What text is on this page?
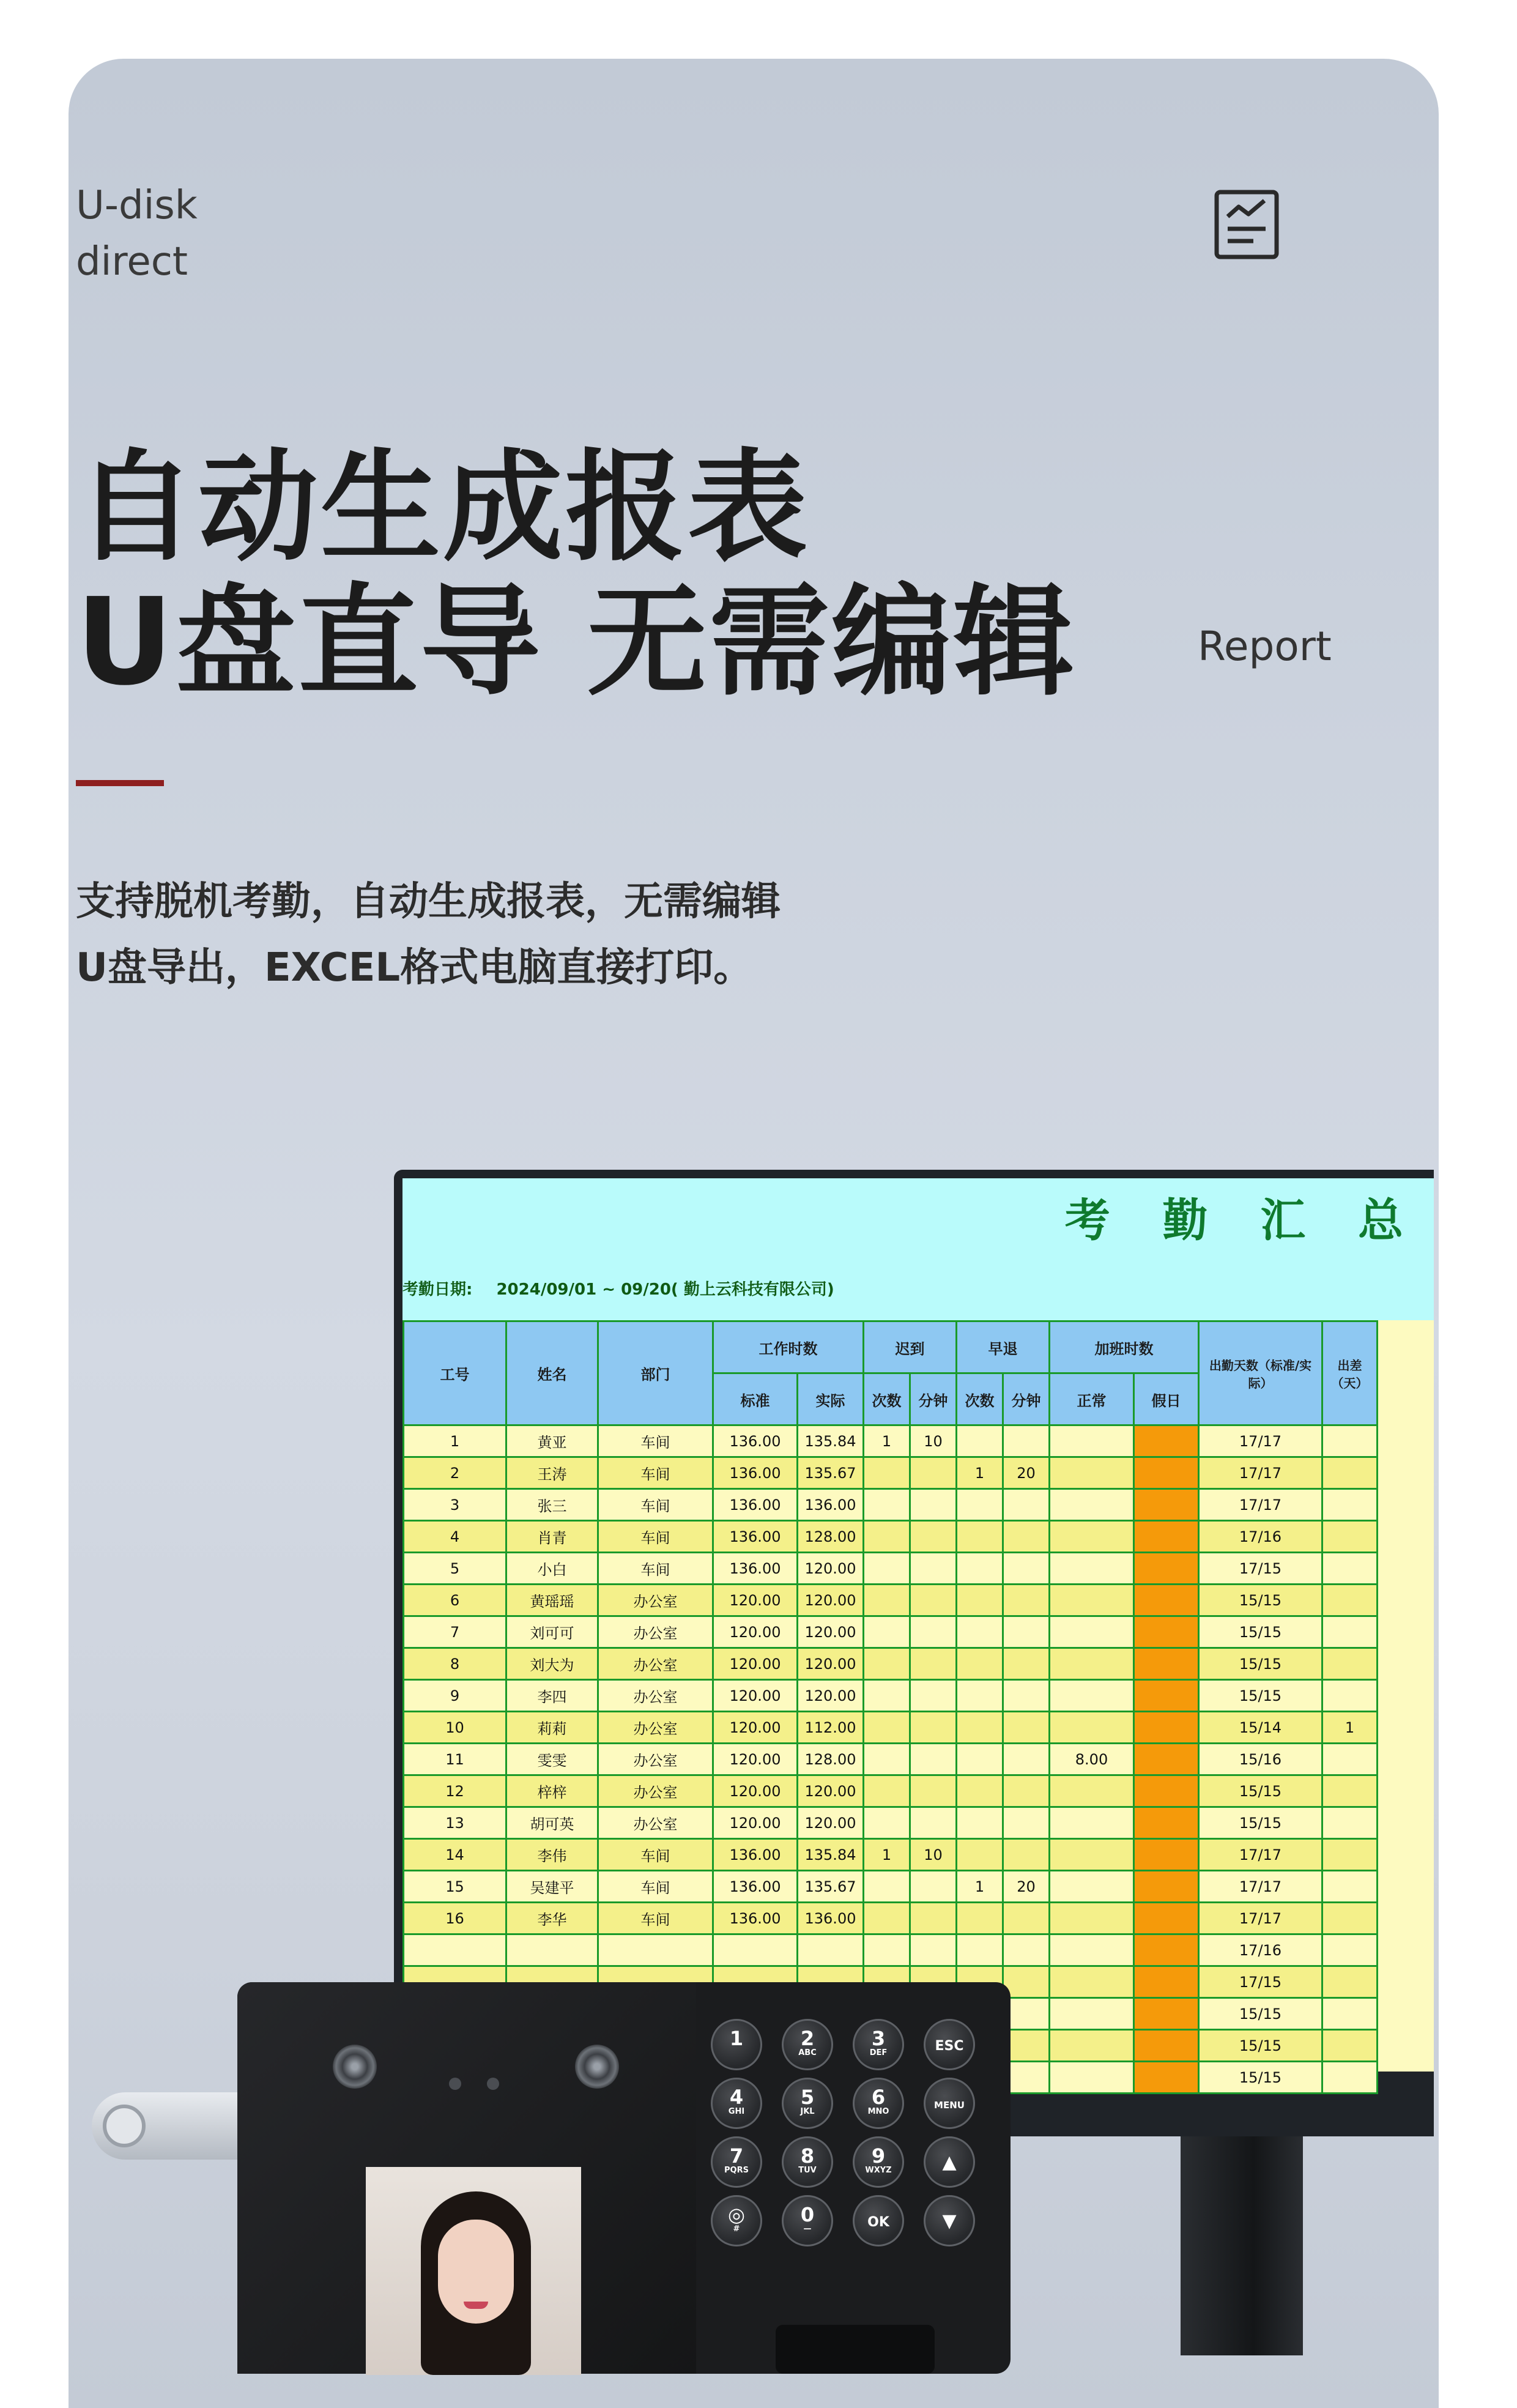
U-disk
direct
自动生成报表
U盘直导 无需编辑	Report
支持脱机考勤，自动生成报表，无需编辑
U盘导出，EXCEL格式电脑直接打印。
考 勤 汇 总
考勤日期: 2024/09/01 ~ 09/20( 勤上云科技有限公司)
工号	姓名	部门	工作时数		迟到		早退		加班时数		出勤天数（标准/实际）	出差（天）
			标准	实际	次数	分钟	次数	分钟	正常	假日		
1	黄亚	车间	136.00	135.84	1	10					17/17	
2	王涛	车间	136.00	135.67			1	20			17/17	
3	张三	车间	136.00	136.00							17/17	
4	肖青	车间	136.00	128.00							17/16	
5	小白	车间	136.00	120.00							17/15	
6	黄瑶瑶	办公室	120.00	120.00							15/15	
7	刘可可	办公室	120.00	120.00							15/15	
8	刘大为	办公室	120.00	120.00							15/15	
9	李四	办公室	120.00	120.00							15/15	
10	莉莉	办公室	120.00	112.00							15/14	1
11	雯雯	办公室	120.00	128.00					8.00		15/16	
12	梓梓	办公室	120.00	120.00							15/15	
13	胡可英	办公室	120.00	120.00							15/15	
14	李伟	车间	136.00	135.84	1	10					17/17	
15	吴建平	车间	136.00	135.67			1	20			17/17	
16	李华	车间	136.00	136.00							17/17	
											17/16	
											17/15	
											15/15	
											15/15	
											15/15	
1	2
ABC
3
DEF	ESC
4
GHI
5
JKL
6
MNO
MENU
7
PQRS
8
TUV
9
WXYZ	▲
◎
#
0
—	OK	▼
